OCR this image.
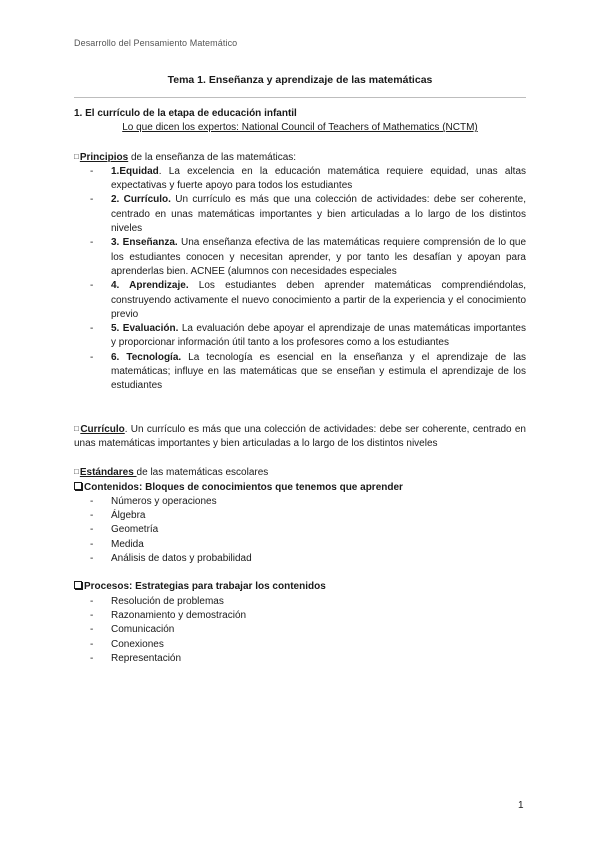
Desarrollo del Pensamiento Matemático
Tema 1. Enseñanza y aprendizaje de las matemáticas

1. El currículo de la etapa de educación infantil

Lo que dicen los expertos: National Council of Teachers of Mathematics (NCTM)

□Principios de la enseñanza de las matemáticas:

- 1.Equidad. La excelencia en la educación matemática requiere equidad, unas altas expectativas y fuerte apoyo para todos los estudiantes
- 2. Currículo. Un currículo es más que una colección de actividades: debe ser coherente, centrado en unas matemáticas importantes y bien articuladas a lo largo de los distintos niveles
- 3. Enseñanza. Una enseñanza efectiva de las matemáticas requiere comprensión de lo que los estudiantes conocen y necesitan aprender, y por tanto les desafían y apoyan para aprenderlas bien. ACNEE (alumnos con necesidades especiales
- 4. Aprendizaje. Los estudiantes deben aprender matemáticas comprendiéndolas, construyendo activamente el nuevo conocimiento a partir de la experiencia y el conocimiento previo
- 5. Evaluación. La evaluación debe apoyar el aprendizaje de unas matemáticas importantes y proporcionar información útil tanto a los profesores como a los estudiantes
- 6. Tecnología. La tecnología es esencial en la enseñanza y el aprendizaje de las matemáticas; influye en las matemáticas que se enseñan y estimula el aprendizaje de los estudiantes

□Currículo. Un currículo es más que una colección de actividades: debe ser coherente, centrado en unas matemáticas importantes y bien articuladas a lo largo de los distintos niveles

□Estándares de las matemáticas escolares

Contenidos: Bloques de conocimientos que tenemos que aprender

- Números y operaciones
- Álgebra
- Geometría
- Medida
- Análisis de datos y probabilidad

Procesos: Estrategias para trabajar los contenidos

- Resolución de problemas
- Razonamiento y demostración
- Comunicación
- Conexiones
- Representación
1
